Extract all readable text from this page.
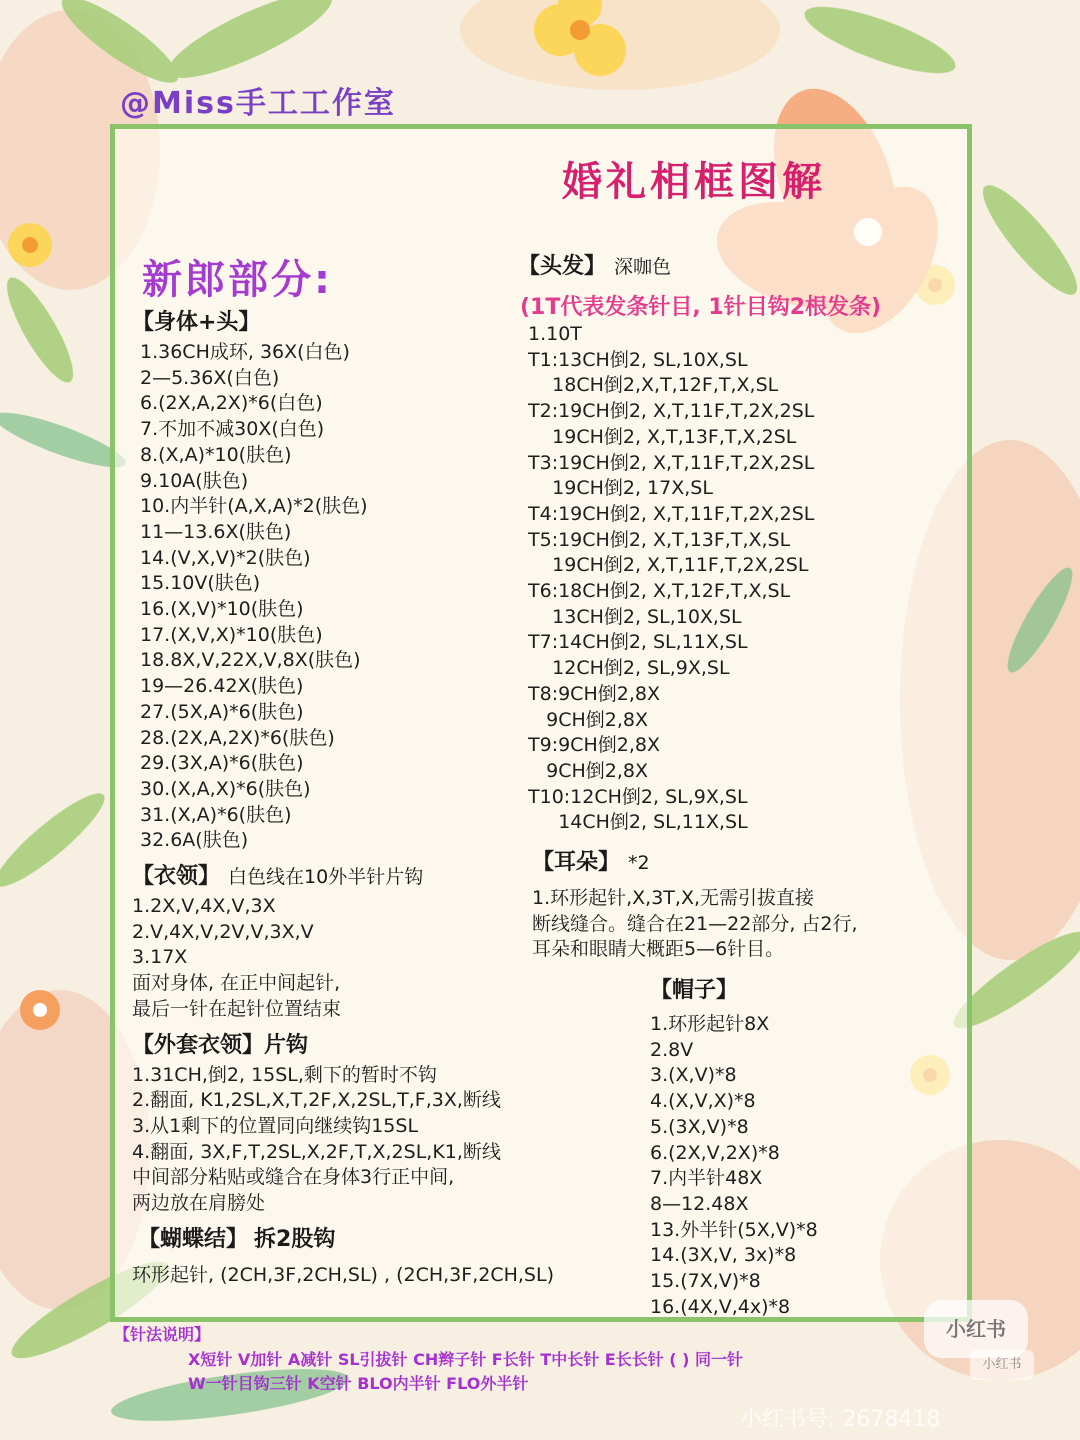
@Miss手工工作室
婚礼相框图解
新郎部分:
【身体+头】
1.36CH成环, 36X(白色)
2—5.36X(白色)
6.(2X,A,2X)*6(白色)
7.不加不减30X(白色)
8.(X,A)*10(肤色)
9.10A(肤色)
10.内半针(A,X,A)*2(肤色)
11—13.6X(肤色)
14.(V,X,V)*2(肤色)
15.10V(肤色)
16.(X,V)*10(肤色)
17.(X,V,X)*10(肤色)
18.8X,V,22X,V,8X(肤色)
19—26.42X(肤色)
27.(5X,A)*6(肤色)
28.(2X,A,2X)*6(肤色)
29.(3X,A)*6(肤色)
30.(X,A,X)*6(肤色)
31.(X,A)*6(肤色)
32.6A(肤色)
【衣领】 白色线在10外半针片钩
1.2X,V,4X,V,3X
2.V,4X,V,2V,V,3X,V
3.17X
面对身体, 在正中间起针,
最后一针在起针位置结束
【外套衣领】片钩
1.31CH,倒2, 15SL,剩下的暂时不钩
2.翻面, K1,2SL,X,T,2F,X,2SL,T,F,3X,断线
3.从1剩下的位置同向继续钩15SL
4.翻面, 3X,F,T,2SL,X,2F,T,X,2SL,K1,断线
中间部分粘贴或缝合在身体3行正中间,
两边放在肩膀处
【蝴蝶结】 拆2股钩
环形起针, (2CH,3F,2CH,SL) , (2CH,3F,2CH,SL)
【头发】 深咖色
(1T代表发条针目, 1针目钩2根发条)
1.10T
T1:13CH倒2, SL,10X,SL
18CH倒2,X,T,12F,T,X,SL
T2:19CH倒2, X,T,11F,T,2X,2SL
19CH倒2, X,T,13F,T,X,2SL
T3:19CH倒2, X,T,11F,T,2X,2SL
19CH倒2, 17X,SL
T4:19CH倒2, X,T,11F,T,2X,2SL
T5:19CH倒2, X,T,13F,T,X,SL
19CH倒2, X,T,11F,T,2X,2SL
T6:18CH倒2, X,T,12F,T,X,SL
13CH倒2, SL,10X,SL
T7:14CH倒2, SL,11X,SL
12CH倒2, SL,9X,SL
T8:9CH倒2,8X
9CH倒2,8X
T9:9CH倒2,8X
9CH倒2,8X
T10:12CH倒2, SL,9X,SL
14CH倒2, SL,11X,SL
【耳朵】 *2
1.环形起针,X,3T,X,无需引拔直接
断线缝合。缝合在21—22部分, 占2行,
耳朵和眼睛大概距5—6针目。
【帽子】
1.环形起针8X
2.8V
3.(X,V)*8
4.(X,V,X)*8
5.(3X,V)*8
6.(2X,V,2X)*8
7.内半针48X
8—12.48X
13.外半针(5X,V)*8
14.(3X,V, 3x)*8
15.(7X,V)*8
16.(4X,V,4x)*8
【针法说明】
X短针 V加针 A减针 SL引拔针 CH辫子针 F长针 T中长针 E长长针 ( ) 同一针
W一针目钩三针 K空针 BLO内半针 FLO外半针
小红书
小红书
小红书号: 2678418
